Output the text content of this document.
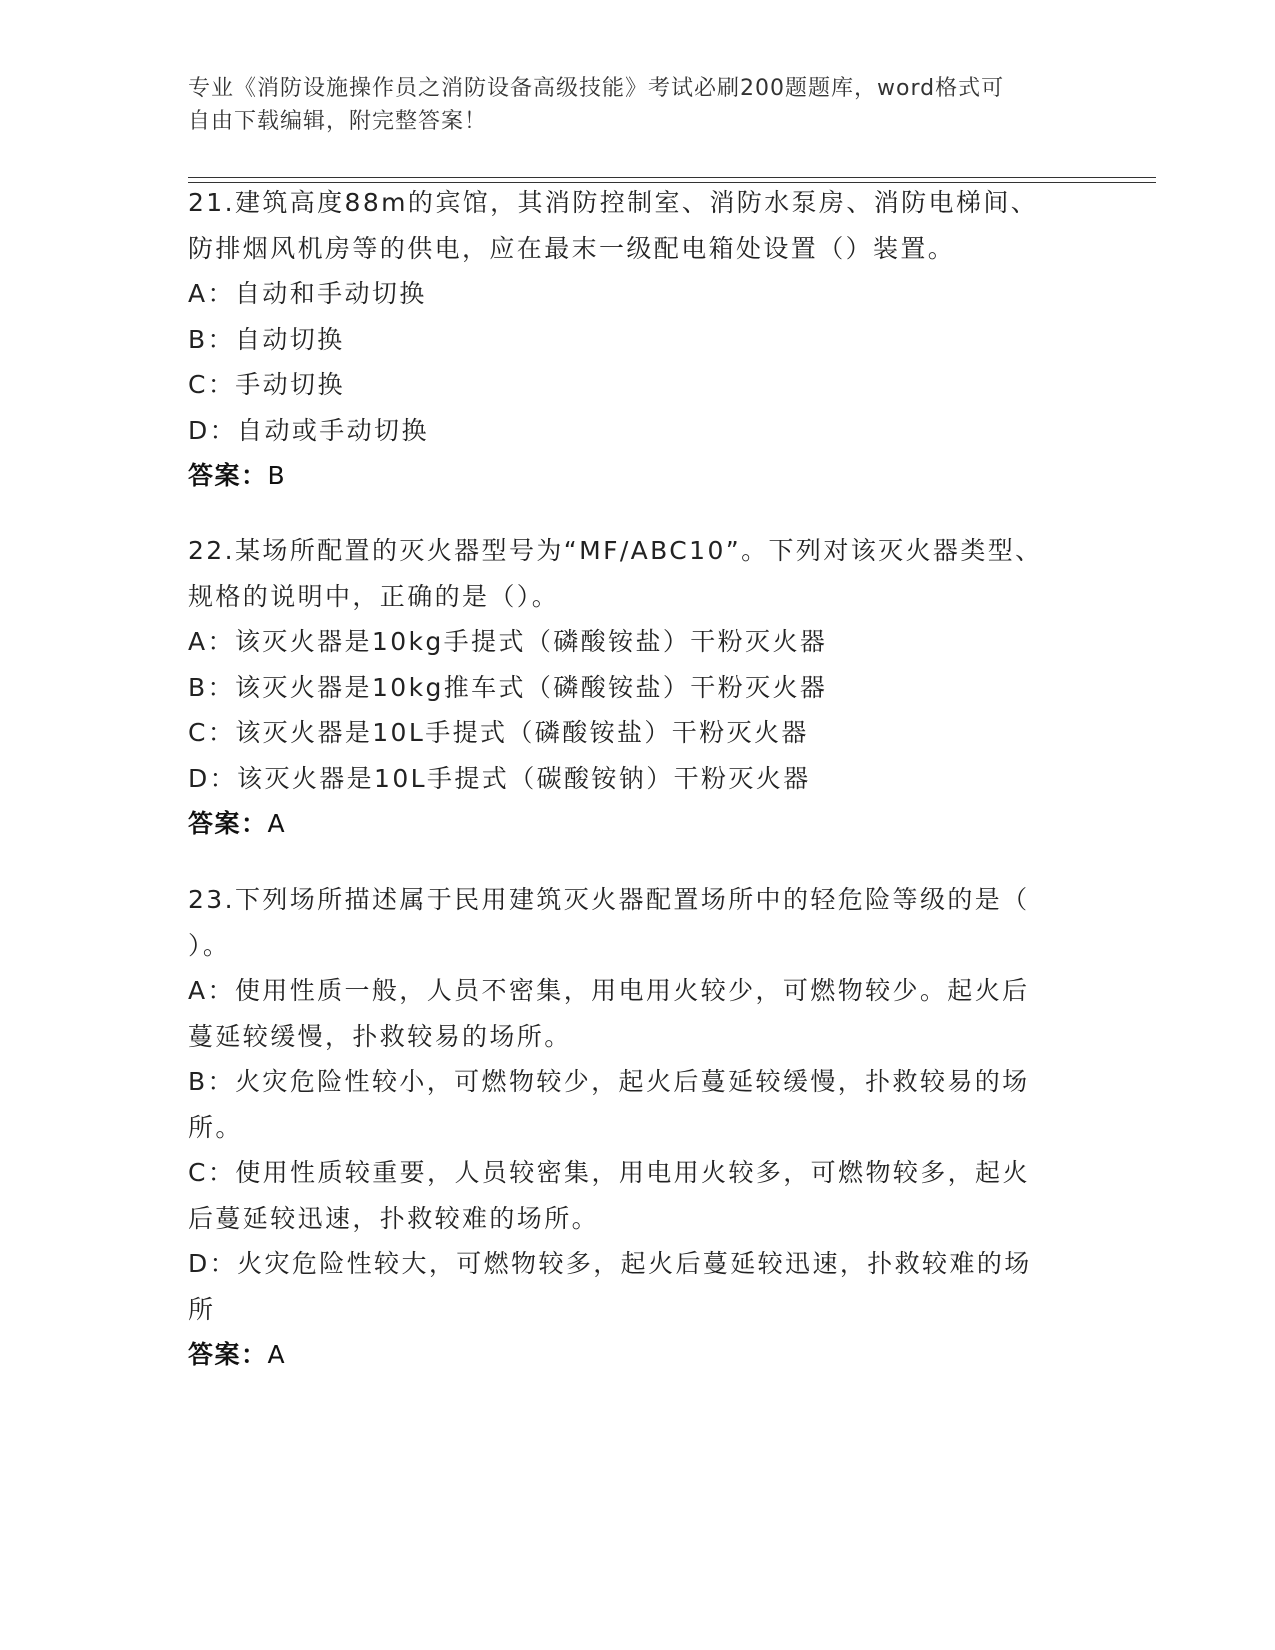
专业《消防设施操作员之消防设备高级技能》考试必刷200题题库，word格式可
自由下载编辑，附完整答案！
21.建筑高度88m的宾馆，其消防控制室、消防水泵房、消防电梯间、
防排烟风机房等的供电，应在最末一级配电箱处设置（）装置。
A：自动和手动切换
B：自动切换
C：手动切换
D：自动或手动切换
答案：B
22.某场所配置的灭火器型号为“MF/ABC10”。下列对该灭火器类型、
规格的说明中，正确的是（）。
A：该灭火器是10kg手提式（磷酸铵盐）干粉灭火器
B：该灭火器是10kg推车式（磷酸铵盐）干粉灭火器
C：该灭火器是10L手提式（磷酸铵盐）干粉灭火器
D：该灭火器是10L手提式（碳酸铵钠）干粉灭火器
答案：A
23.下列场所描述属于民用建筑灭火器配置场所中的轻危险等级的是（
）。
A：使用性质一般，人员不密集，用电用火较少，可燃物较少。起火后
蔓延较缓慢，扑救较易的场所。
B：火灾危险性较小，可燃物较少，起火后蔓延较缓慢，扑救较易的场
所。
C：使用性质较重要，人员较密集，用电用火较多，可燃物较多，起火
后蔓延较迅速，扑救较难的场所。
D：火灾危险性较大，可燃物较多，起火后蔓延较迅速，扑救较难的场
所
答案：A
